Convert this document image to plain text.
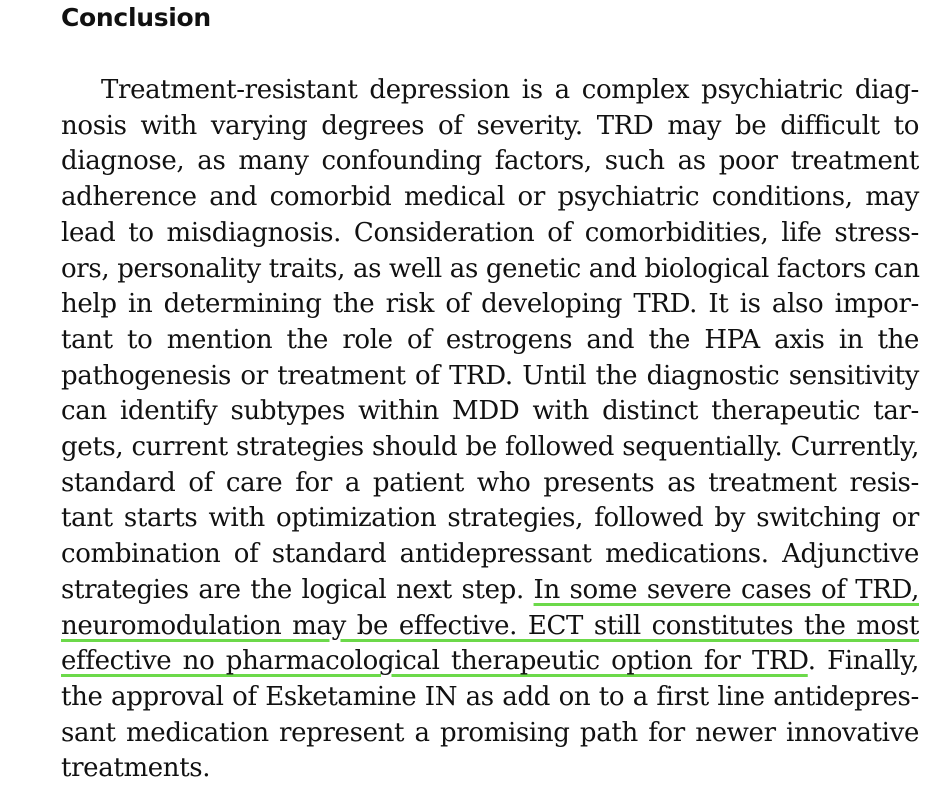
Conclusion
Treatment-resistant depression is a complex psychiatric diag-
nosis with varying degrees of severity. TRD may be difficult to
diagnose, as many confounding factors, such as poor treatment
adherence and comorbid medical or psychiatric conditions, may
lead to misdiagnosis. Consideration of comorbidities, life stress-
ors, personality traits, as well as genetic and biological factors can
help in determining the risk of developing TRD. It is also impor-
tant to mention the role of estrogens and the HPA axis in the
pathogenesis or treatment of TRD. Until the diagnostic sensitivity
can identify subtypes within MDD with distinct therapeutic tar-
gets, current strategies should be followed sequentially. Currently,
standard of care for a patient who presents as treatment resis-
tant starts with optimization strategies, followed by switching or
combination of standard antidepressant medications. Adjunctive
strategies are the logical next step. In some severe cases of TRD,
neuromodulation may be effective. ECT still constitutes the most
effective no pharmacological therapeutic option for TRD. Finally,
the approval of Esketamine IN as add on to a first line antidepres-
sant medication represent a promising path for newer innovative
treatments.
